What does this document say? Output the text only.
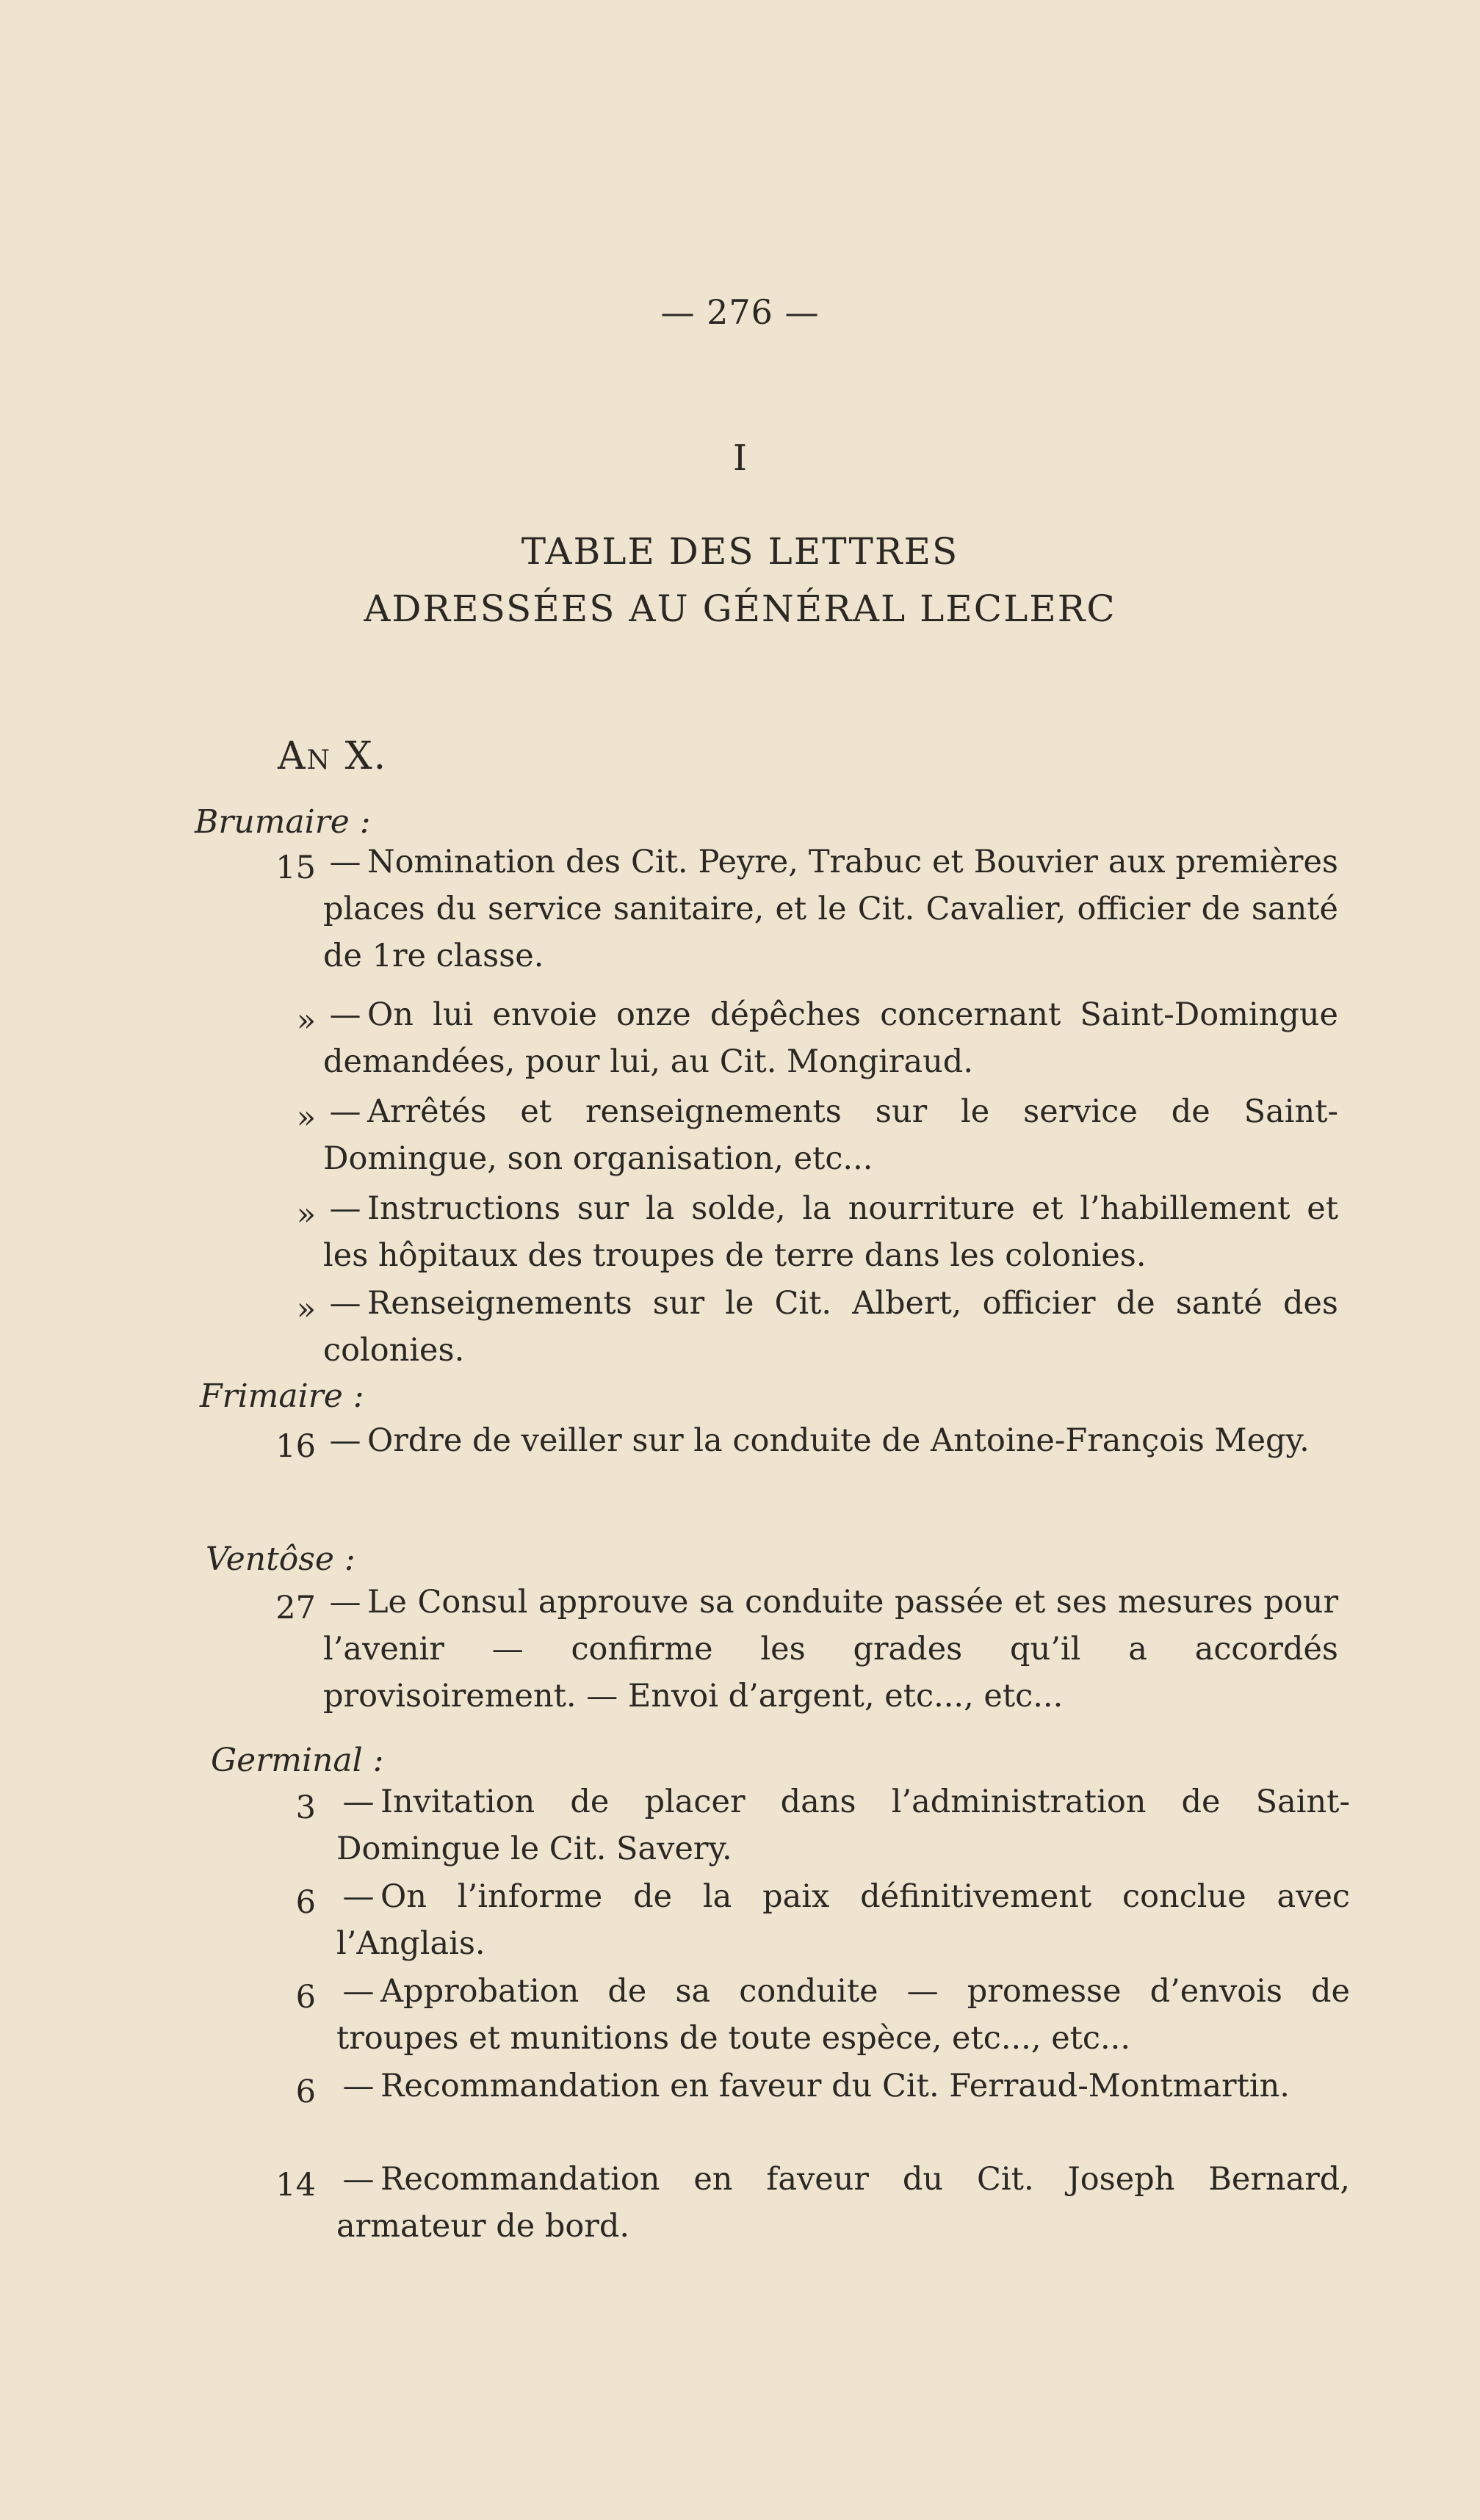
— 276 —
I
TABLE DES LETTRES
ADRESSÉES AU GÉNÉRAL LECLERC
An X.
Brumaire :
15 — Nomination des Cit. Peyre, Trabuc et Bouvier aux premières places du service sanitaire, et le Cit. Cavalier, officier de santé de 1re classe.
» — On lui envoie onze dépêches concernant Saint-Domingue demandées, pour lui, au Cit. Mongiraud.
» — Arrêtés et renseignements sur le service de Saint-Domingue, son organisation, etc...
» — Instructions sur la solde, la nourriture et l’habillement et les hôpitaux des troupes de terre dans les colonies.
» — Renseignements sur le Cit. Albert, officier de santé des colonies.
Frimaire :
16 — Ordre de veiller sur la conduite de Antoine-François Megy.
Ventôse :
27 — Le Consul approuve sa conduite passée et ses mesures pour l’avenir — confirme les grades qu’il a accordés provisoirement. — Envoi d’argent, etc..., etc...
Germinal :
3 — Invitation de placer dans l’administration de Saint-Domingue le Cit. Savery.
6 — On l’informe de la paix définitivement conclue avec l’Anglais.
6 — Approbation de sa conduite — promesse d’envois de troupes et munitions de toute espèce, etc..., etc...
6 — Recommandation en faveur du Cit. Ferraud-Montmartin.
14 — Recommandation en faveur du Cit. Joseph Bernard, armateur de bord.
